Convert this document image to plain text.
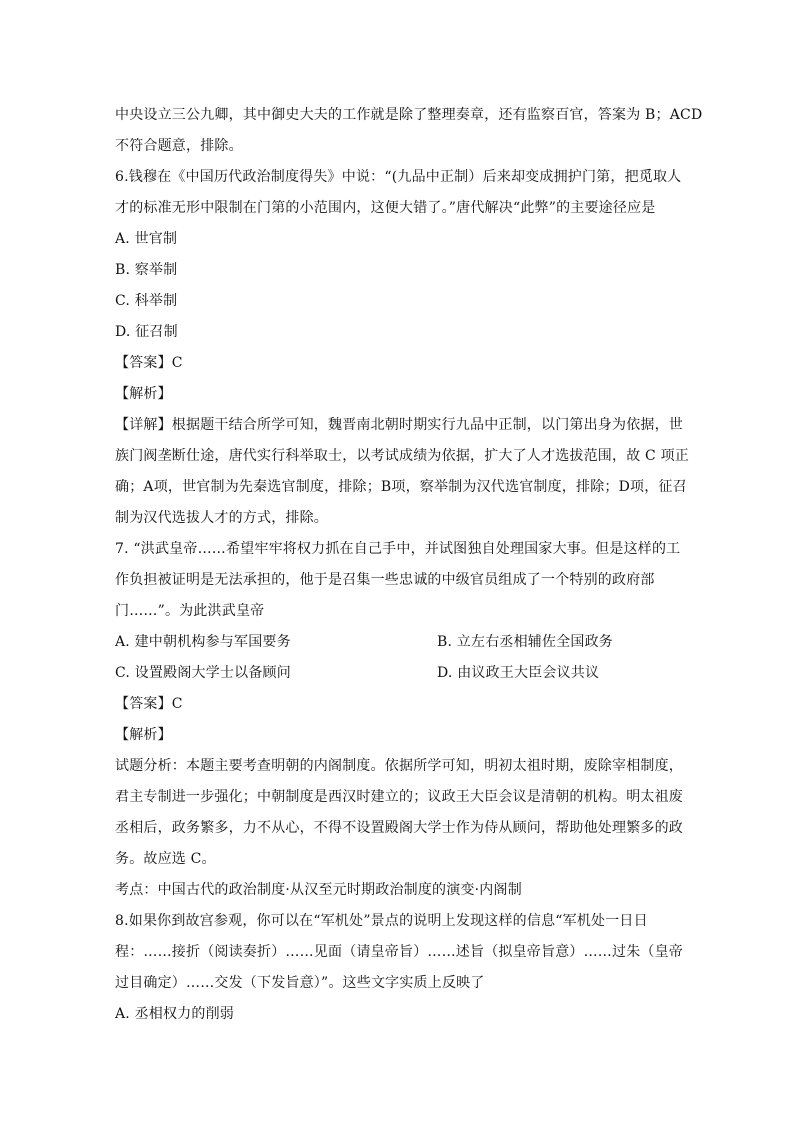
中央设立三公九卿，其中御史大夫的工作就是除了整理奏章，还有监察百官，答案为 B；ACD
不符合题意，排除。
6.钱穆在《中国历代政治制度得失》中说：“(九品中正制）后来却变成拥护门第，把觅取人
才的标准无形中限制在门第的小范围内，这便大错了。”唐代解决“此弊”的主要途径应是
A. 世官制
B. 察举制
C. 科举制
D. 征召制
【答案】C
【解析】
【详解】根据题干结合所学可知，魏晋南北朝时期实行九品中正制，以门第出身为依据，世
族门阀垄断仕途，唐代实行科举取士，以考试成绩为依据，扩大了人才选拔范围，故 C 项正
确；A项，世官制为先秦选官制度，排除；B项，察举制为汉代选官制度，排除；D项，征召
制为汉代选拔人才的方式，排除。
7. “洪武皇帝……希望牢牢将权力抓在自己手中，并试图独自处理国家大事。但是这样的工
作负担被证明是无法承担的，他于是召集一些忠诚的中级官员组成了一个特别的政府部
门……”。为此洪武皇帝
A. 建中朝机构参与军国要务	B. 立左右丞相辅佐全国政务
C. 设置殿阁大学士以备顾问	D. 由议政王大臣会议共议
【答案】C
【解析】
试题分析：本题主要考查明朝的内阁制度。依据所学可知，明初太祖时期，废除宰相制度，
君主专制进一步强化；中朝制度是西汉时建立的；议政王大臣会议是清朝的机构。明太祖废
丞相后，政务繁多，力不从心，不得不设置殿阁大学士作为侍从顾问，帮助他处理繁多的政
务。故应选 C。
考点：中国古代的政治制度·从汉至元时期政治制度的演变·内阁制
8.如果你到故宫参观，你可以在“军机处”景点的说明上发现这样的信息“军机处一日日
程：……接折（阅读奏折）……见面（请皇帝旨）……述旨（拟皇帝旨意）……过朱（皇帝
过目确定）……交发（下发旨意）”。这些文字实质上反映了
A. 丞相权力的削弱
